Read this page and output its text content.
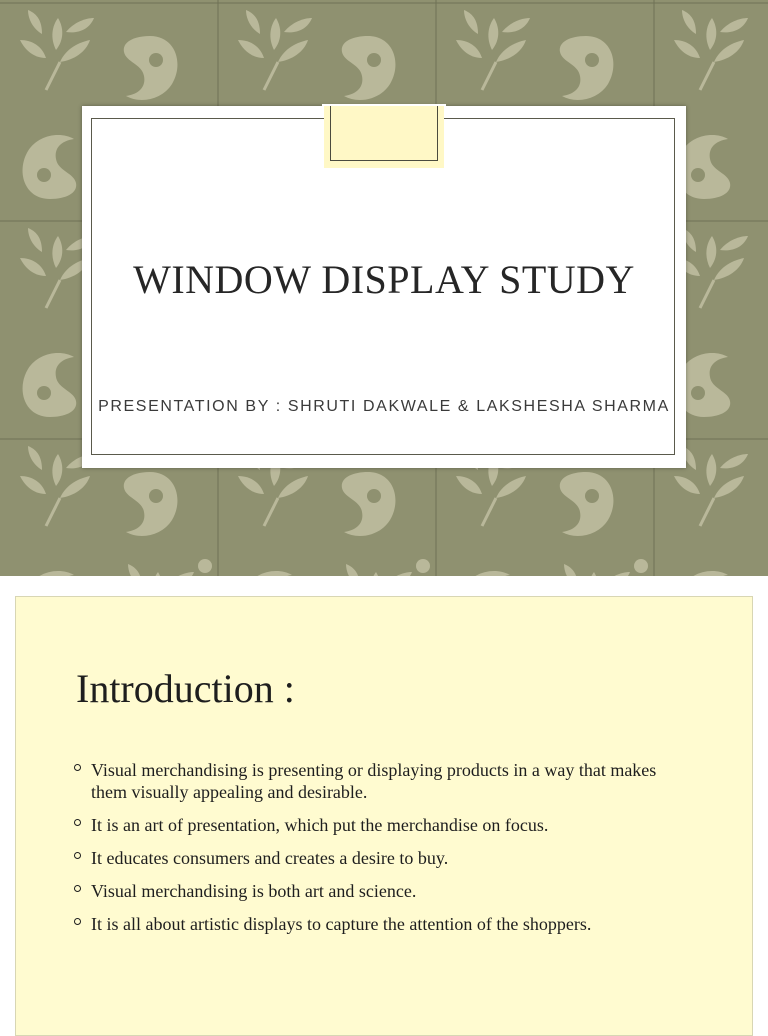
WINDOW DISPLAY STUDY

PRESENTATION BY : SHRUTI DAKWALE & LAKSHESHA SHARMA

Introduction :
Visual merchandising is presenting or displaying products in a way that makes them visually appealing and desirable.
It is an art of presentation, which put the merchandise on focus.
It educates consumers and creates a desire to buy.
Visual merchandising is both art and science.
It is all about artistic displays to capture the attention of the shoppers.
